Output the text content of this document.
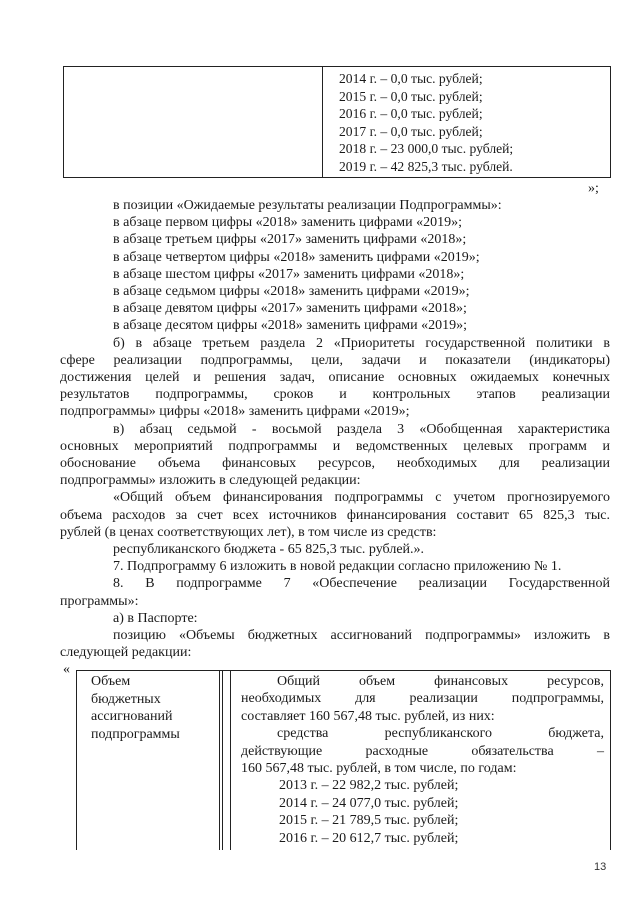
2014 г. – 0,0 тыс. рублей;
2015 г. – 0,0 тыс. рублей;
2016 г. – 0,0 тыс. рублей;
2017 г. – 0,0 тыс. рублей;
2018 г. – 23 000,0 тыс. рублей;
2019 г. – 42 825,3 тыс. рублей.
»;

в позиции «Ожидаемые результаты реализации Подпрограммы»:

в абзаце первом цифры «2018» заменить цифрами «2019»;

в абзаце третьем цифры «2017» заменить цифрами «2018»;

в абзаце четвертом цифры «2018» заменить цифрами «2019»;

в абзаце шестом цифры «2017» заменить цифрами «2018»;

в абзаце седьмом цифры «2018» заменить цифрами «2019»;

в абзаце девятом цифры «2017» заменить цифрами «2018»;

в абзаце десятом цифры «2018» заменить цифрами «2019»;

б) в абзаце третьем раздела 2 «Приоритеты государственной политики в

сфере реализации подпрограммы, цели, задачи и показатели (индикаторы)

достижения целей и решения задач, описание основных ожидаемых конечных

результатов подпрограммы, сроков и контрольных этапов реализации

подпрограммы» цифры «2018» заменить цифрами «2019»;

в) абзац седьмой - восьмой раздела 3 «Обобщенная характеристика

основных мероприятий подпрограммы и ведомственных целевых программ и

обоснование объема финансовых ресурсов, необходимых для реализации

подпрограммы» изложить в следующей редакции:

«Общий объем финансирования подпрограммы с учетом прогнозируемого

объема расходов за счет всех источников финансирования составит 65 825,3 тыс.

рублей (в ценах соответствующих лет), в том числе из средств:

республиканского бюджета - 65 825,3 тыс. рублей.».

7. Подпрограмму 6 изложить в новой редакции согласно приложению № 1.

8. В подпрограмме 7 «Обеспечение реализации Государственной

программы»:

а) в Паспорте:

позицию «Объемы бюджетных ассигнований подпрограммы» изложить в

следующей редакции:

«
Объем
бюджетных
ассигнований
подпрограммы

Общий объем финансовых ресурсов,

необходимых для реализации подпрограммы,

составляет 160 567,48 тыс. рублей, из них:

средства республиканского бюджета,

действующие расходные обязательства –

160 567,48 тыс. рублей, в том числе, по годам:

2013 г. – 22 982,2 тыс. рублей;

2014 г. – 24 077,0 тыс. рублей;

2015 г. – 21 789,5 тыс. рублей;

2016 г. – 20 612,7 тыс. рублей;

13
